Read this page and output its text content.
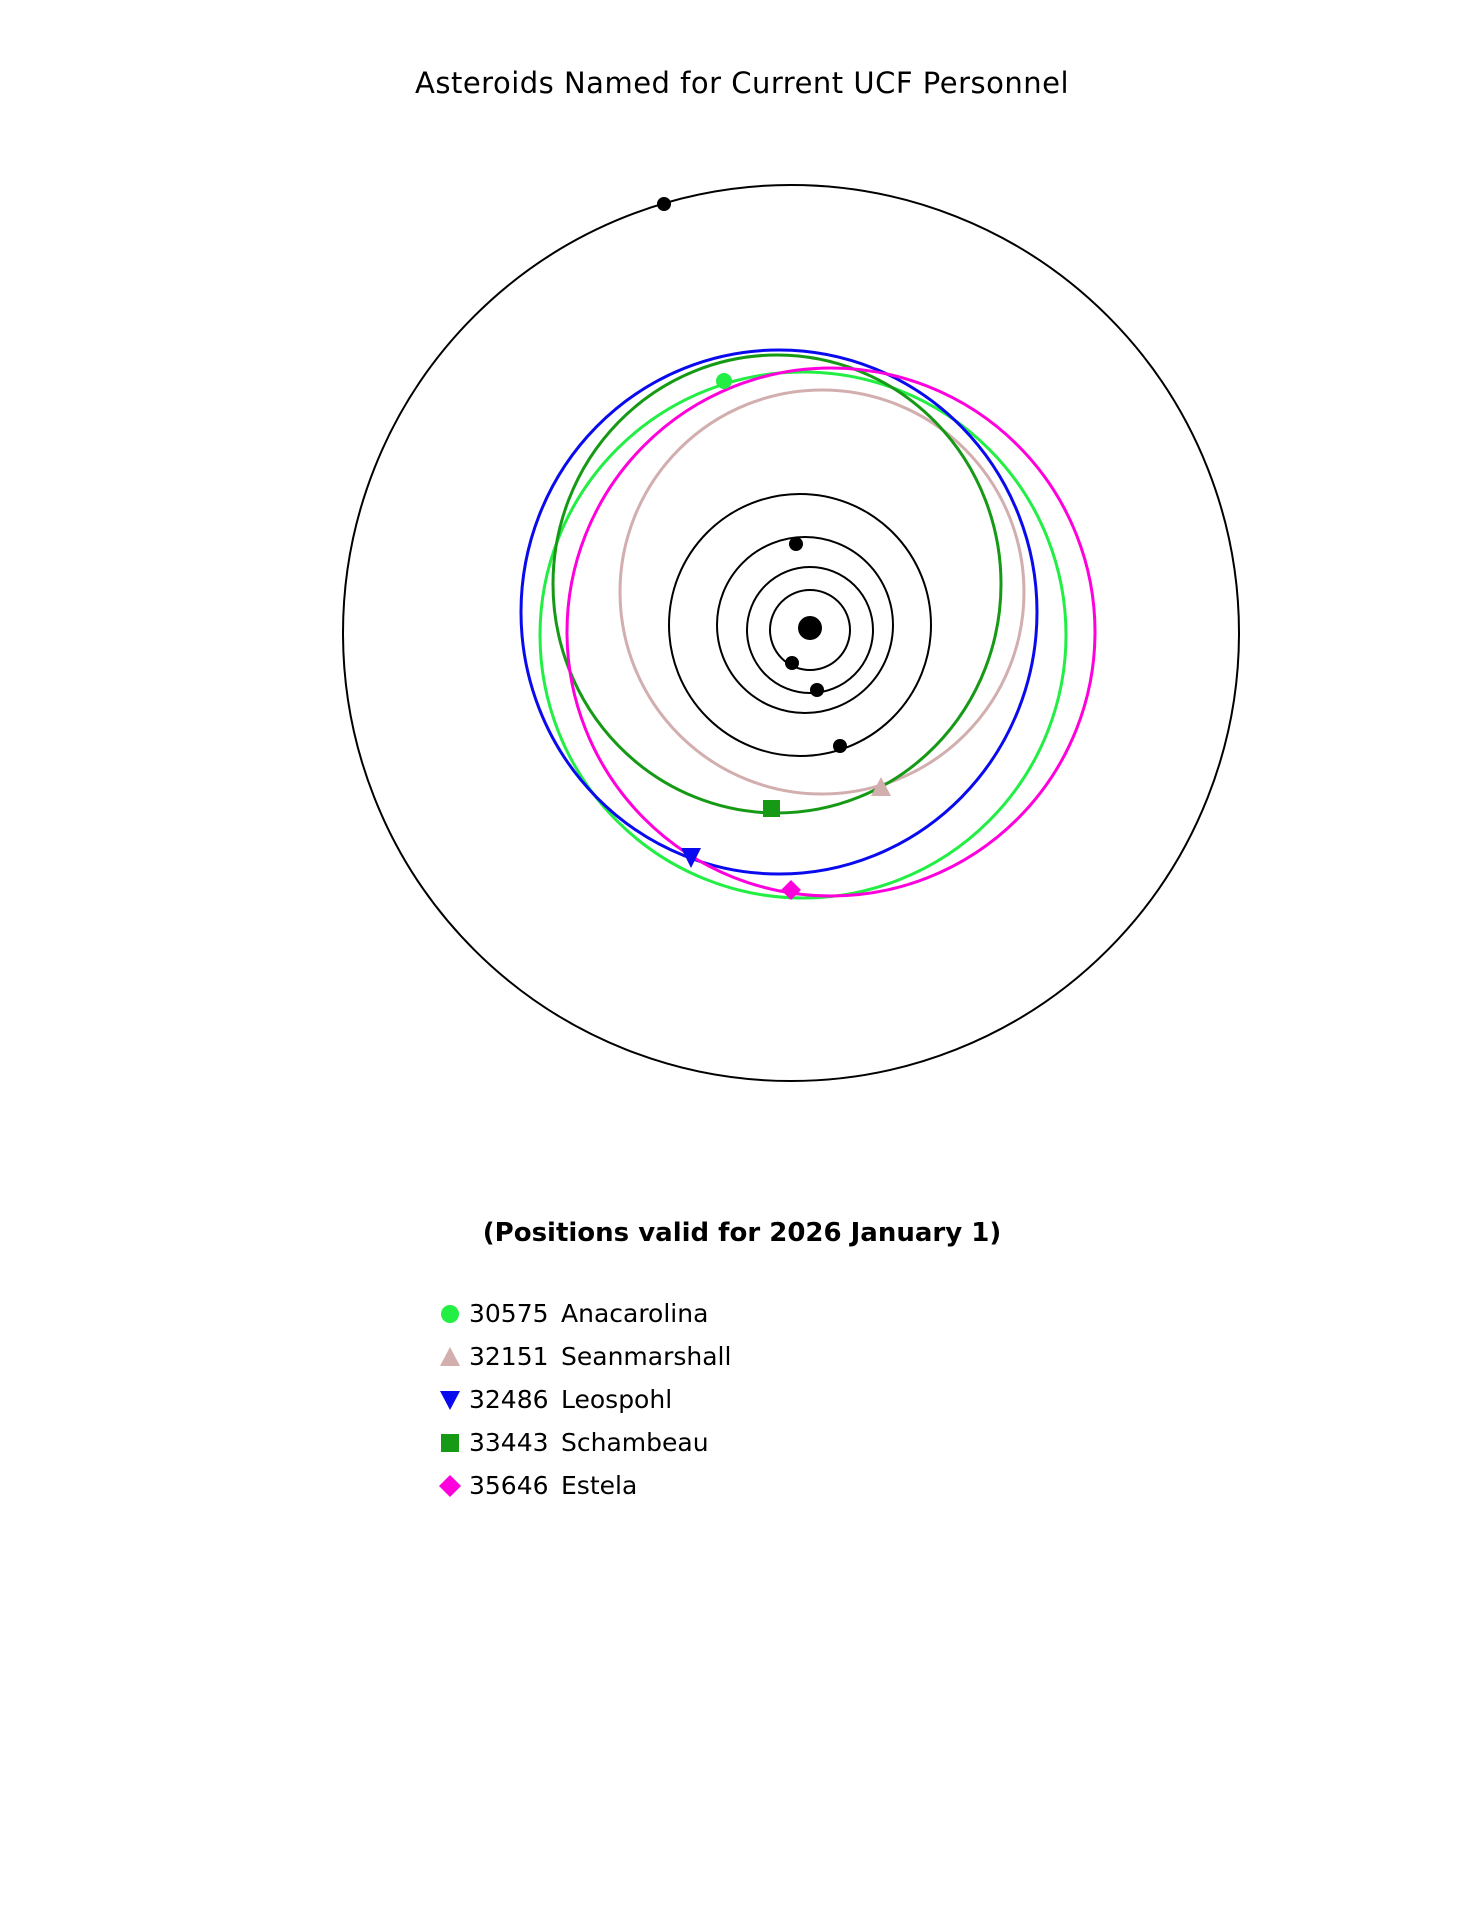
Asteroids Named for Current UCF Personnel
(Positions valid for 2026 January 1)
30575 Anacarolina
32151 Seanmarshall
32486 Leospohl
33443 Schambeau
35646 Estela
